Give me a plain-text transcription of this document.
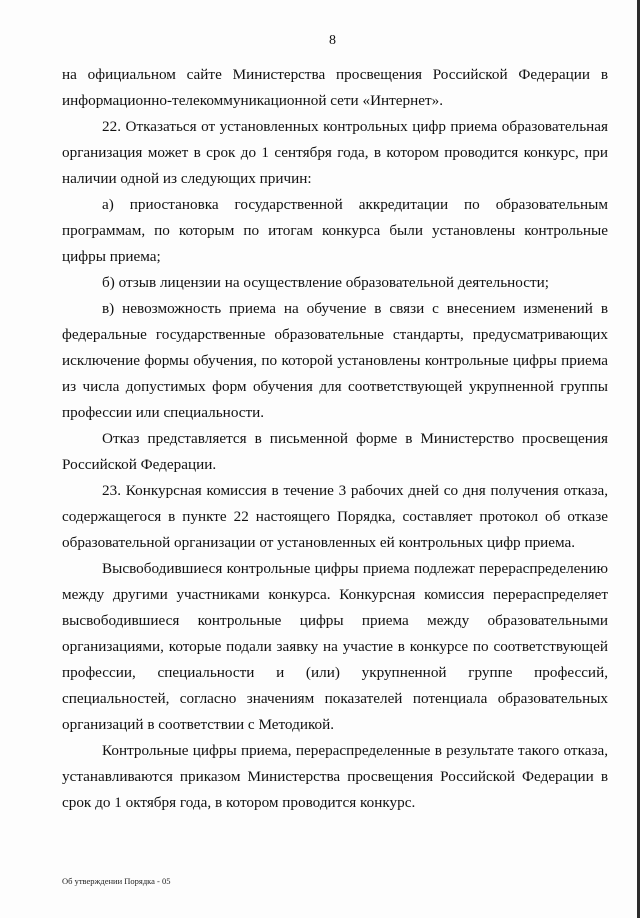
8

на официальном сайте Министерства просвещения Российской Федерации в информационно-телекоммуникационной сети «Интернет».

22. Отказаться от установленных контрольных цифр приема образовательная организация может в срок до 1 сентября года, в котором проводится конкурс, при наличии одной из следующих причин:

а) приостановка государственной аккредитации по образовательным программам, по которым по итогам конкурса были установлены контрольные цифры приема;

б) отзыв лицензии на осуществление образовательной деятельности;

в) невозможность приема на обучение в связи с внесением изменений в федеральные государственные образовательные стандарты, предусматривающих исключение формы обучения, по которой установлены контрольные цифры приема из числа допустимых форм обучения для соответствующей укрупненной группы профессии или специальности.

Отказ представляется в письменной форме в Министерство просвещения Российской Федерации.

23. Конкурсная комиссия в течение 3 рабочих дней со дня получения отказа, содержащегося в пункте 22 настоящего Порядка, составляет протокол об отказе образовательной организации от установленных ей контрольных цифр приема.

Высвободившиеся контрольные цифры приема подлежат перераспределению между другими участниками конкурса. Конкурсная комиссия перераспределяет высвободившиеся контрольные цифры приема между образовательными организациями, которые подали заявку на участие в конкурсе по соответствующей профессии, специальности и (или) укрупненной группе профессий, специальностей, согласно значениям показателей потенциала образовательных организаций в соответствии с Методикой.

Контрольные цифры приема, перераспределенные в результате такого отказа, устанавливаются приказом Министерства просвещения Российской Федерации в срок до 1 октября года, в котором проводится конкурс.

Об утверждении Порядка - 05
